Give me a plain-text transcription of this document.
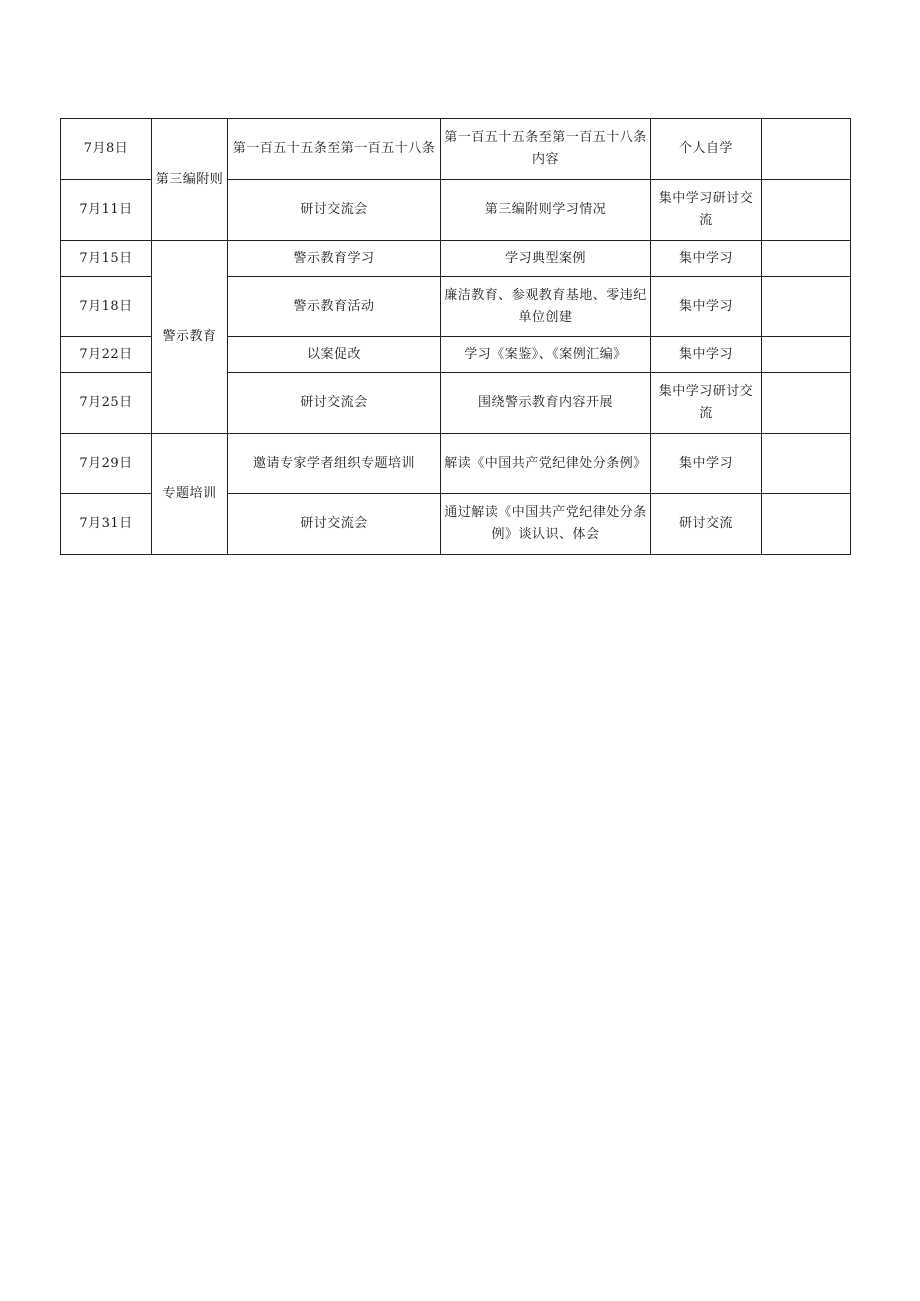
7月8日	第三编附则	第一百五十五条至第一百五十八条	第一百五十五条至第一百五十八条内容	个人自学	
7月11日		研讨交流会	第三编附则学习情况	集中学习研讨交流	
7月15日	警示教育	警示教育学习	学习典型案例	集中学习	
7月18日		警示教育活动	廉洁教育、参观教育基地、零违纪单位创建	集中学习	
7月22日		以案促改	学习《案鉴》、《案例汇编》	集中学习	
7月25日		研讨交流会	围绕警示教育内容开展	集中学习研讨交流	
7月29日	专题培训	邀请专家学者组织专题培训	解读《中国共产党纪律处分条例》	集中学习	
7月31日		研讨交流会	通过解读《中国共产党纪律处分条例》谈认识、体会	研讨交流	
